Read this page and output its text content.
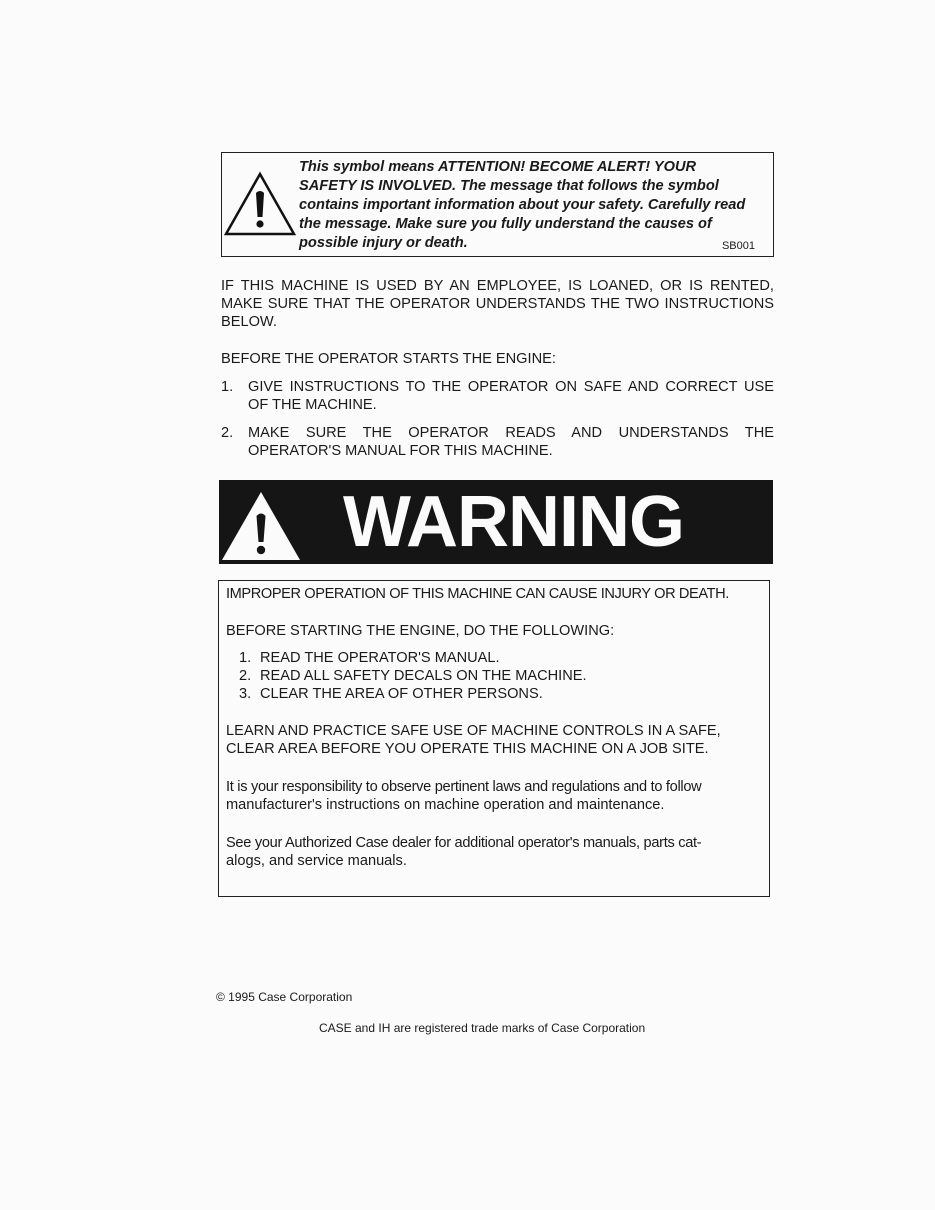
This symbol means ATTENTION! BECOME ALERT! YOUR
SAFETY IS INVOLVED. The message that follows the symbol
contains important information about your safety. Carefully read
the message. Make sure you fully understand the causes of
possible injury or death.	SB001
IF THIS MACHINE IS USED BY AN EMPLOYEE, IS LOANED, OR IS RENTED, MAKE SURE THAT THE OPERATOR UNDERSTANDS THE TWO INSTRUCTIONS BELOW.
BEFORE THE OPERATOR STARTS THE ENGINE:
1.	GIVE INSTRUCTIONS TO THE OPERATOR ON SAFE AND CORRECT USE OF THE MACHINE.
2.	MAKE SURE THE OPERATOR READS AND UNDERSTANDS THE OPERATOR'S MANUAL FOR THIS MACHINE.
WARNING
IMPROPER OPERATION OF THIS MACHINE CAN CAUSE INJURY OR DEATH.
BEFORE STARTING THE ENGINE, DO THE FOLLOWING:
1. READ THE OPERATOR'S MANUAL.
2. READ ALL SAFETY DECALS ON THE MACHINE.
3. CLEAR THE AREA OF OTHER PERSONS.
LEARN AND PRACTICE SAFE USE OF MACHINE CONTROLS IN A SAFE,
CLEAR AREA BEFORE YOU OPERATE THIS MACHINE ON A JOB SITE.
It is your responsibility to observe pertinent laws and regulations and to follow
manufacturer's instructions on machine operation and maintenance.
See your Authorized Case dealer for additional operator's manuals, parts cat-
alogs, and service manuals.
© 1995 Case Corporation
CASE and IH are registered trade marks of Case Corporation
